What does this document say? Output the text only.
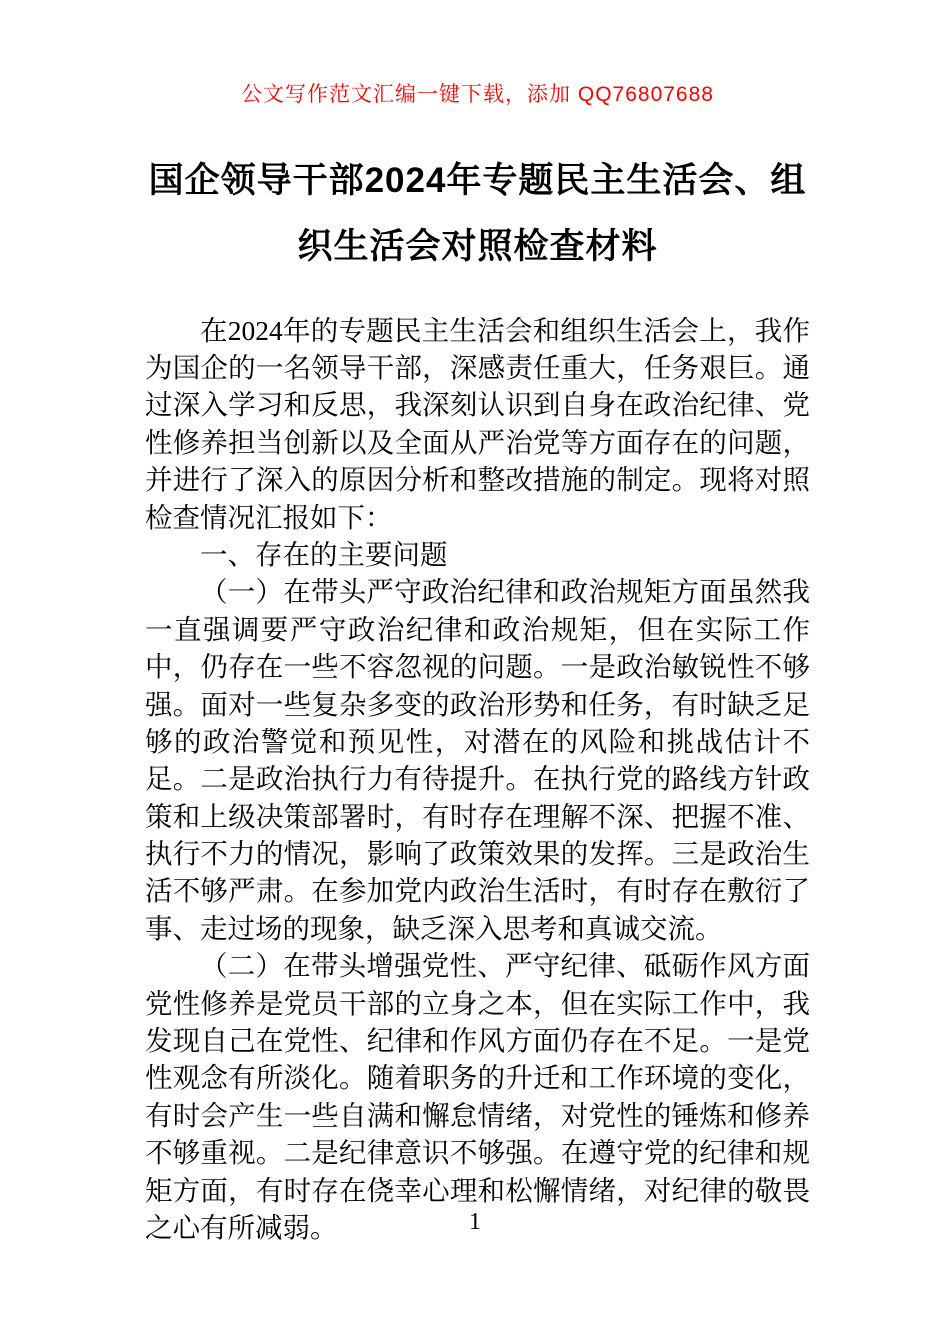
公文写作范文汇编一键下载，添加 QQ76807688
国企领导干部2024年专题民主生活会、组织生活会对照检查材料

在2024年的专题民主生活会和组织生活会上，我作为国企的一名领导干部，深感责任重大，任务艰巨。通过深入学习和反思，我深刻认识到自身在政治纪律、党性修养担当创新以及全面从严治党等方面存在的问题，并进行了深入的原因分析和整改措施的制定。现将对照检查情况汇报如下：

一、存在的主要问题

（一）在带头严守政治纪律和政治规矩方面虽然我一直强调要严守政治纪律和政治规矩，但在实际工作中，仍存在一些不容忽视的问题。一是政治敏锐性不够强。面对一些复杂多变的政治形势和任务，有时缺乏足够的政治警觉和预见性，对潜在的风险和挑战估计不足。二是政治执行力有待提升。在执行党的路线方针政策和上级决策部署时，有时存在理解不深、把握不准、执行不力的情况，影响了政策效果的发挥。三是政治生活不够严肃。在参加党内政治生活时，有时存在敷衍了事、走过场的现象，缺乏深入思考和真诚交流。

（二）在带头增强党性、严守纪律、砥砺作风方面党性修养是党员干部的立身之本，但在实际工作中，我发现自己在党性、纪律和作风方面仍存在不足。一是党性观念有所淡化。随着职务的升迁和工作环境的变化，有时会产生一些自满和懈怠情绪，对党性的锤炼和修养不够重视。二是纪律意识不够强。在遵守党的纪律和规矩方面，有时存在侥幸心理和松懈情绪，对纪律的敬畏之心有所减弱。	1
